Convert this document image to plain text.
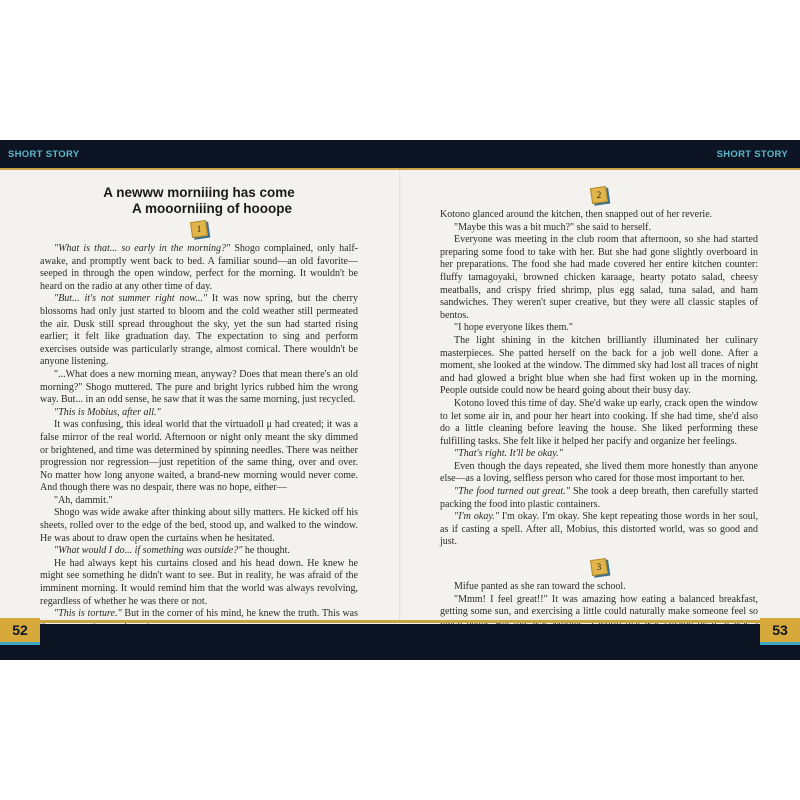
SHORT STORY	SHORT STORY
A newww morniiing has come
A mooorniiing of hooope
1

"What is that... so early in the morning?" Shogo complained, only half-awake, and promptly went back to bed. A familiar sound—an old favorite—seeped in through the open window, perfect for the morning. It wouldn't be heard on the radio at any other time of day.

"But... it's not summer right now..." It was now spring, but the cherry blossoms had only just started to bloom and the cold weather still permeated the air. Dusk still spread throughout the sky, yet the sun had started rising earlier; it felt like graduation day. The expectation to sing and perform exercises outside was particularly strange, almost comical. There wouldn't be anyone listening.

"...What does a new morning mean, anyway? Does that mean there's an old morning?" Shogo muttered. The pure and bright lyrics rubbed him the wrong way. But... in an odd sense, he saw that it was the same morning, just recycled.

"This is Mobius, after all."

It was confusing, this ideal world that the virtuadoll μ had created; it was a false mirror of the real world. Afternoon or night only meant the sky dimmed or brightened, and time was determined by spinning needles. There was neither progression nor regression—just repetition of the same thing, over and over. No matter how long anyone waited, a brand-new morning would never come. And though there was no despair, there was no hope, either—

"Ah, dammit."

Shogo was wide awake after thinking about silly matters. He kicked off his sheets, rolled over to the edge of the bed, stood up, and walked to the window. He was about to draw open the curtains when he hesitated.

"What would I do... if something was outside?" he thought.

He had always kept his curtains closed and his head down. He knew he might see something he didn't want to see. But in reality, he was afraid of the imminent morning. It would remind him that the world was always revolving, regardless of whether he was there or not.

"This is torture." But in the corner of his mind, he knew the truth. This was

2

Kotono glanced around the kitchen, then snapped out of her reverie.

"Maybe this was a bit much?" she said to herself.

Everyone was meeting in the club room that afternoon, so she had started preparing some food to take with her. But she had gone slightly overboard in her preparations. The food she had made covered her entire kitchen counter: fluffy tamagoyaki, browned chicken karaage, hearty potato salad, cheesy meatballs, and crispy fried shrimp, plus egg salad, tuna salad, and ham sandwiches. They weren't super creative, but they were all classic staples of bentos.

"I hope everyone likes them."

The light shining in the kitchen brilliantly illuminated her culinary masterpieces. She patted herself on the back for a job well done. After a moment, she looked at the window. The dimmed sky had lost all traces of night and had glowed a bright blue when she had first woken up in the morning. People outside could now be heard going about their busy day.

Kotono loved this time of day. She'd wake up early, crack open the window to let some air in, and pour her heart into cooking. If she had time, she'd also do a little cleaning before leaving the house. She liked performing these fulfilling tasks. She felt like it helped her pacify and organize her feelings.

"That's right. It'll be okay."

Even though the days repeated, she lived them more honestly than anyone else—as a loving, selfless person who cared for those most important to her.

"The food turned out great." She took a deep breath, then carefully started packing the food into plastic containers.

"I'm okay." I'm okay. I'm okay. She kept repeating those words in her soul, as if casting a spell. After all, Mobius, this distorted world, was so good and just.

3

Mifue panted as she ran toward the school.

"Mmm! I feel great!!" It was amazing how eating a balanced breakfast, getting some sun, and exercising a little could naturally make someone feel so

52	53
